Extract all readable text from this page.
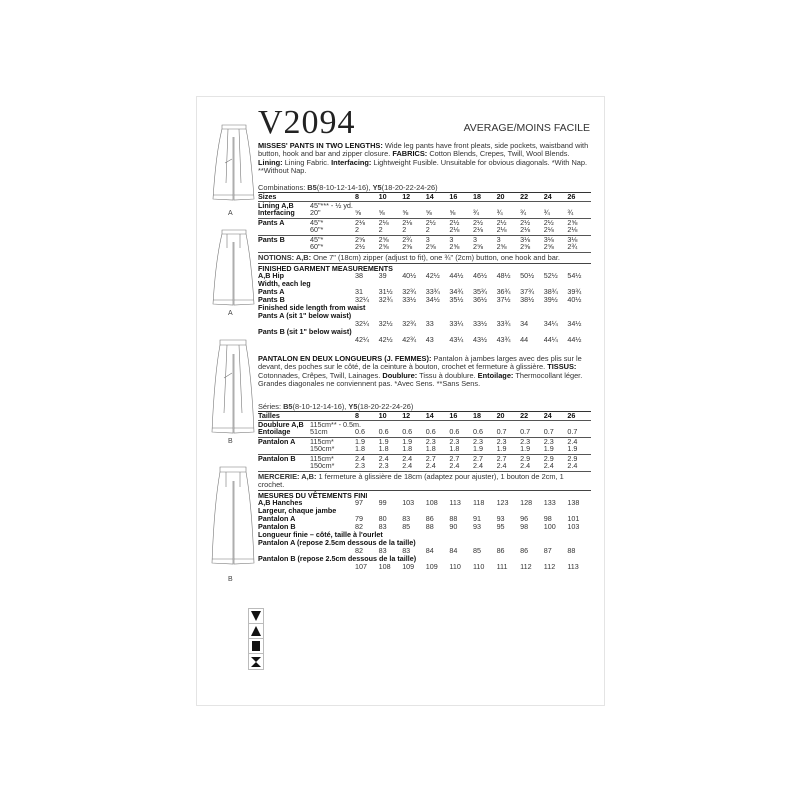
V2094	AVERAGE/MOINS FACILE
A
A
B
B
MISSES' PANTS IN TWO LENGTHS: Wide leg pants have front pleats, side pockets, waistband with button, hook and bar and zipper closure. FABRICS: Cotton Blends, Crepes, Twill, Wool Blends. Lining: Lining Fabric. Interfacing: Lightweight Fusible. Unsuitable for obvious diagonals. *With Nap. **Without Nap.
Combinations: B5(8-10-12-14-16), Y5(18-20-22-24-26)
Sizes	8	10	12	14	16	18	20	22	24	26
Lining A,B	45"*** - ½ yd.
Interfacing	20"	⅝	⅝	⅝	⅝	⅝	¾	¾	¾	¾	¾
Pants A	45"*	2⅛	2⅛	2⅛	2½	2½	2½	2½	2½	2½	2⅝
60"*	2	2	2	2	2⅛	2⅛	2⅛	2⅛	2⅛	2⅛
Pants B	45"*	2⅝	2⅝	2¾	3	3	3	3	3⅛	3⅛	3⅛
60"*	2½	2⅝	2⅝	2⅝	2⅝	2⅝	2⅝	2⅝	2⅝	2¾
NOTIONS: A,B: One 7" (18cm) zipper (adjust to fit), one ¾" (2cm) button, one hook and bar.
FINISHED GARMENT MEASUREMENTS
A,B Hip	38	39	40½	42½	44½	46½	48½	50½	52½	54½
Width, each leg
Pants A	31	31½	32¾	33¾	34¾	35¾	36¾	37¾	38¾	39¾
Pants B	32¼	32¾	33½	34½	35½	36½	37½	38½	39½	40½
Finished side length from waist
Pants A (sit 1" below waist)
32¼	32½	32¾	33	33¼	33½	33¾	34	34¼	34½
Pants B (sit 1" below waist)
42¼	42½	42¾	43	43¼	43½	43¾	44	44¼	44½
PANTALON EN DEUX LONGUEURS (J. FEMMES): Pantalon à jambes larges avec des plis sur le devant, des poches sur le côté, de la ceinture à bouton, crochet et fermeture à glissière. TISSUS: Cotonnades, Crêpes, Twill, Lainages. Doublure: Tissu à doublure. Entoilage: Thermocollant léger. Grandes diagonales ne conviennent pas. *Avec Sens. **Sans Sens.
Séries: B5(8-10-12-14-16), Y5(18-20-22-24-26)
Tailles	8	10	12	14	16	18	20	22	24	26
Doublure A,B 115cm** - 0.5m.
Entoilage	51cm	0.6	0.6	0.6	0.6	0.6	0.6	0.7	0.7	0.7	0.7
Pantalon A	115cm*	1.9	1.9	1.9	2.3	2.3	2.3	2.3	2.3	2.3	2.4
150cm*	1.8	1.8	1.8	1.8	1.8	1.9	1.9	1.9	1.9	1.9
Pantalon B	115cm*	2.4	2.4	2.4	2.7	2.7	2.7	2.7	2.9	2.9	2.9
150cm*	2.3	2.3	2.4	2.4	2.4	2.4	2.4	2.4	2.4	2.4
MERCERIE: A,B: 1 fermeture à glissière de 18cm (adaptez pour ajuster), 1 bouton de 2cm, 1 crochet.
MESURES DU VÊTEMENTS FINI
A,B Hanches	97	99	103	108	113	118	123	128	133	138
Largeur, chaque jambe
Pantalon A	79	80	83	86	88	91	93	96	98	101
Pantalon B	82	83	85	88	90	93	95	98	100	103
Longueur finie – côté, taille à l'ourlet
Pantalon A (repose 2.5cm dessous de la taille)
82	83	83	84	84	85	86	86	87	88
Pantalon B (repose 2.5cm dessous de la taille)
107	108	109	109	110	110	111	112	112	113
